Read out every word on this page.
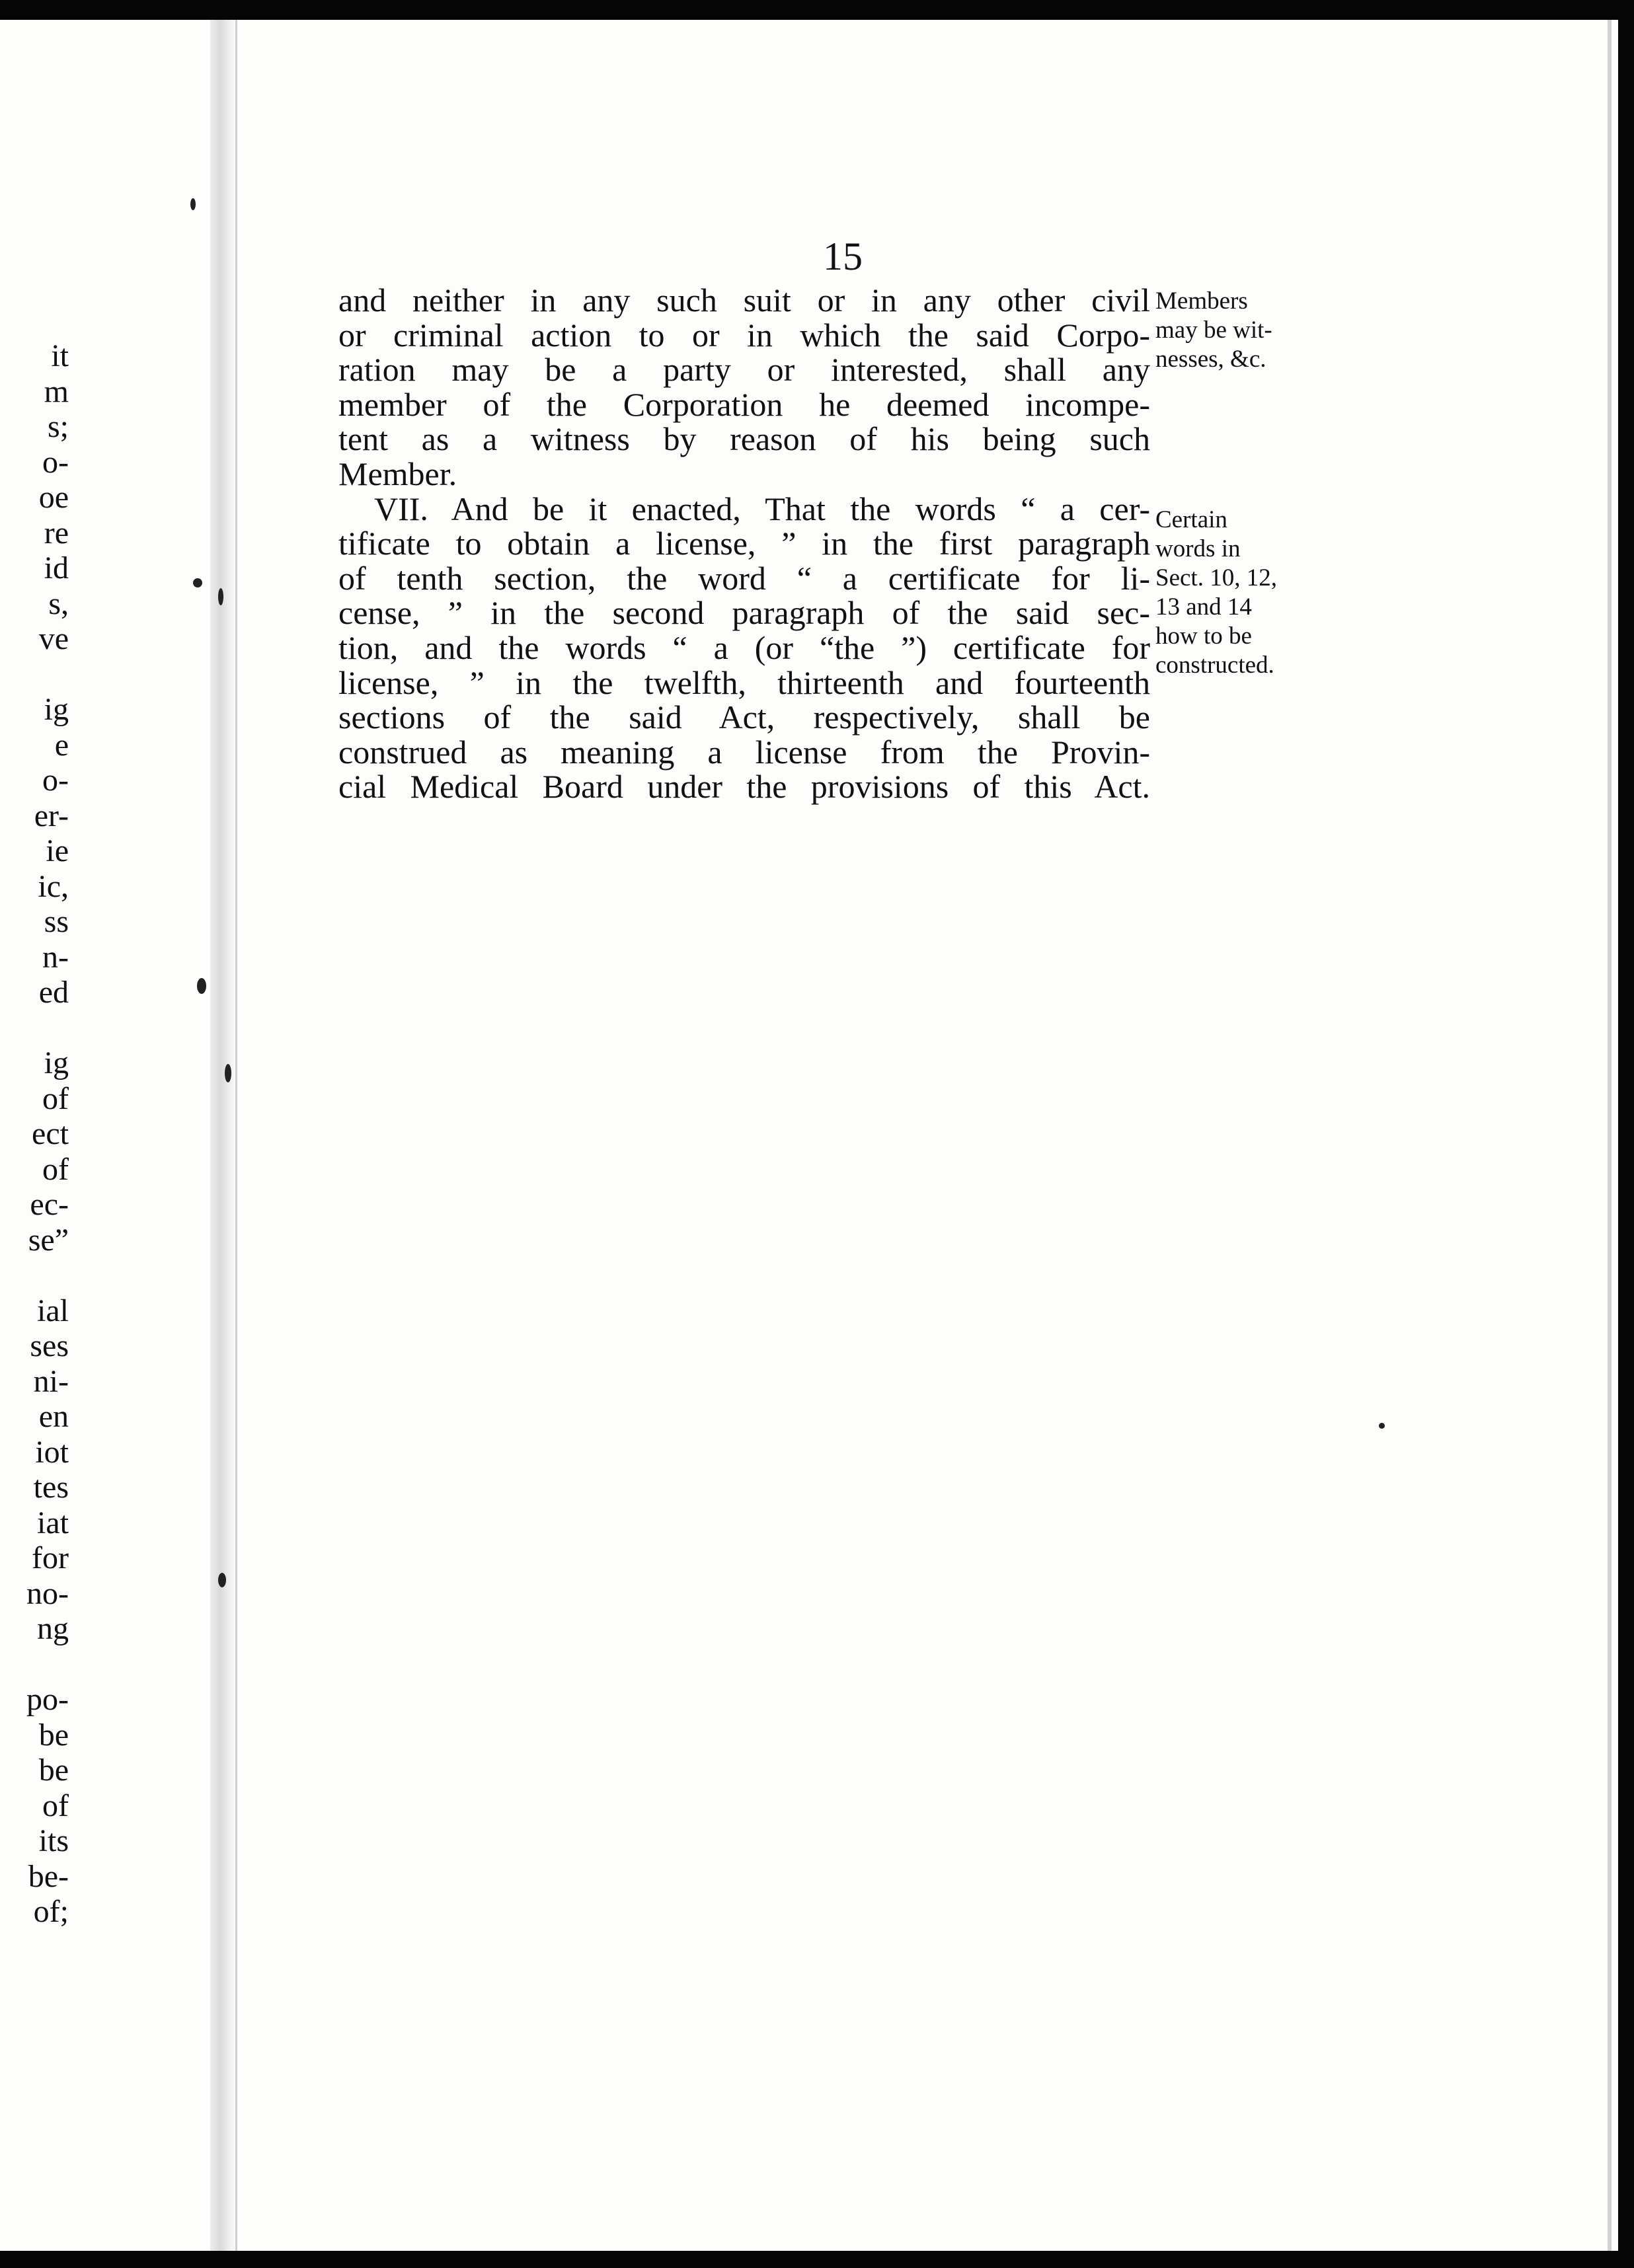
it
m
s;
o-
oe
re
id
s,
ve
ig
e
o-
er-
ie
ic,
ss
n-
ed
ig
of
ect
of
ec-
se”
ial
ses
ni-
en
iot
tes
iat
for
no-
ng
po-
be
be
of
its
be-
of;
15
and neither in any such suit or in any other civil
or criminal action to or in which the said Corpo-
ration may be a party or interested, shall any
member of the Corporation he deemed incompe-
tent as a witness by reason of his being such
Member.
VII. And be it enacted, That the words “ a cer-
tificate to obtain a license, ” in the first paragraph
of tenth section, the word “ a certificate for li-
cense, ” in the second paragraph of the said sec-
tion, and the words “ a (or “the ”) certificate for
license, ” in the twelfth, thirteenth and fourteenth
sections of the said Act, respectively, shall be
construed as meaning a license from the Provin-
cial Medical Board under the provisions of this Act.
Members
may be wit-
nesses, &c.
Certain
words in
Sect. 10, 12,
13 and 14
how to be
constructed.
